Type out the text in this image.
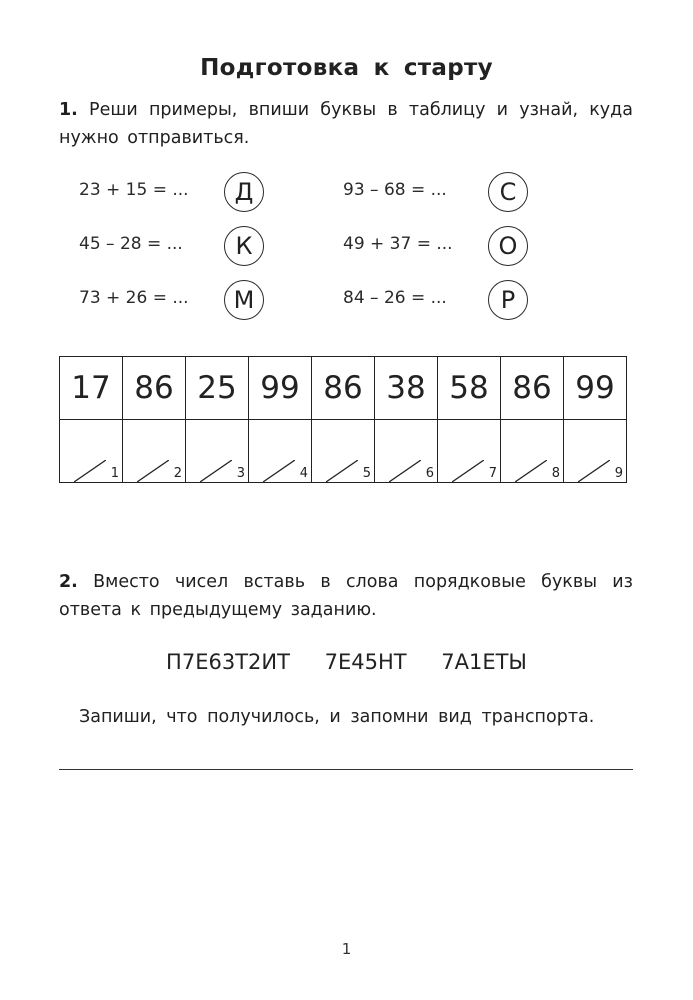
Подготовка к старту
1. Реши примеры, впиши буквы в таблицу и узнай, куда нужно отправиться.
23 + 15 = ...	Д
45 – 28 = ...	К
73 + 26 = ...	М
93 – 68 = ...	С
49 + 37 = ...	О
84 – 26 = ...	Р
17	86	25	99	86	38	58	86	99

1	2	3	4	5	6	7	8	9
2. Вместо чисел вставь в слова порядковые буквы из ответа к предыдущему заданию.
П7Е63Т2ИТ 7Е45НТ 7А1ЕТЫ
Запиши, что получилось, и запомни вид транспорта.
1
